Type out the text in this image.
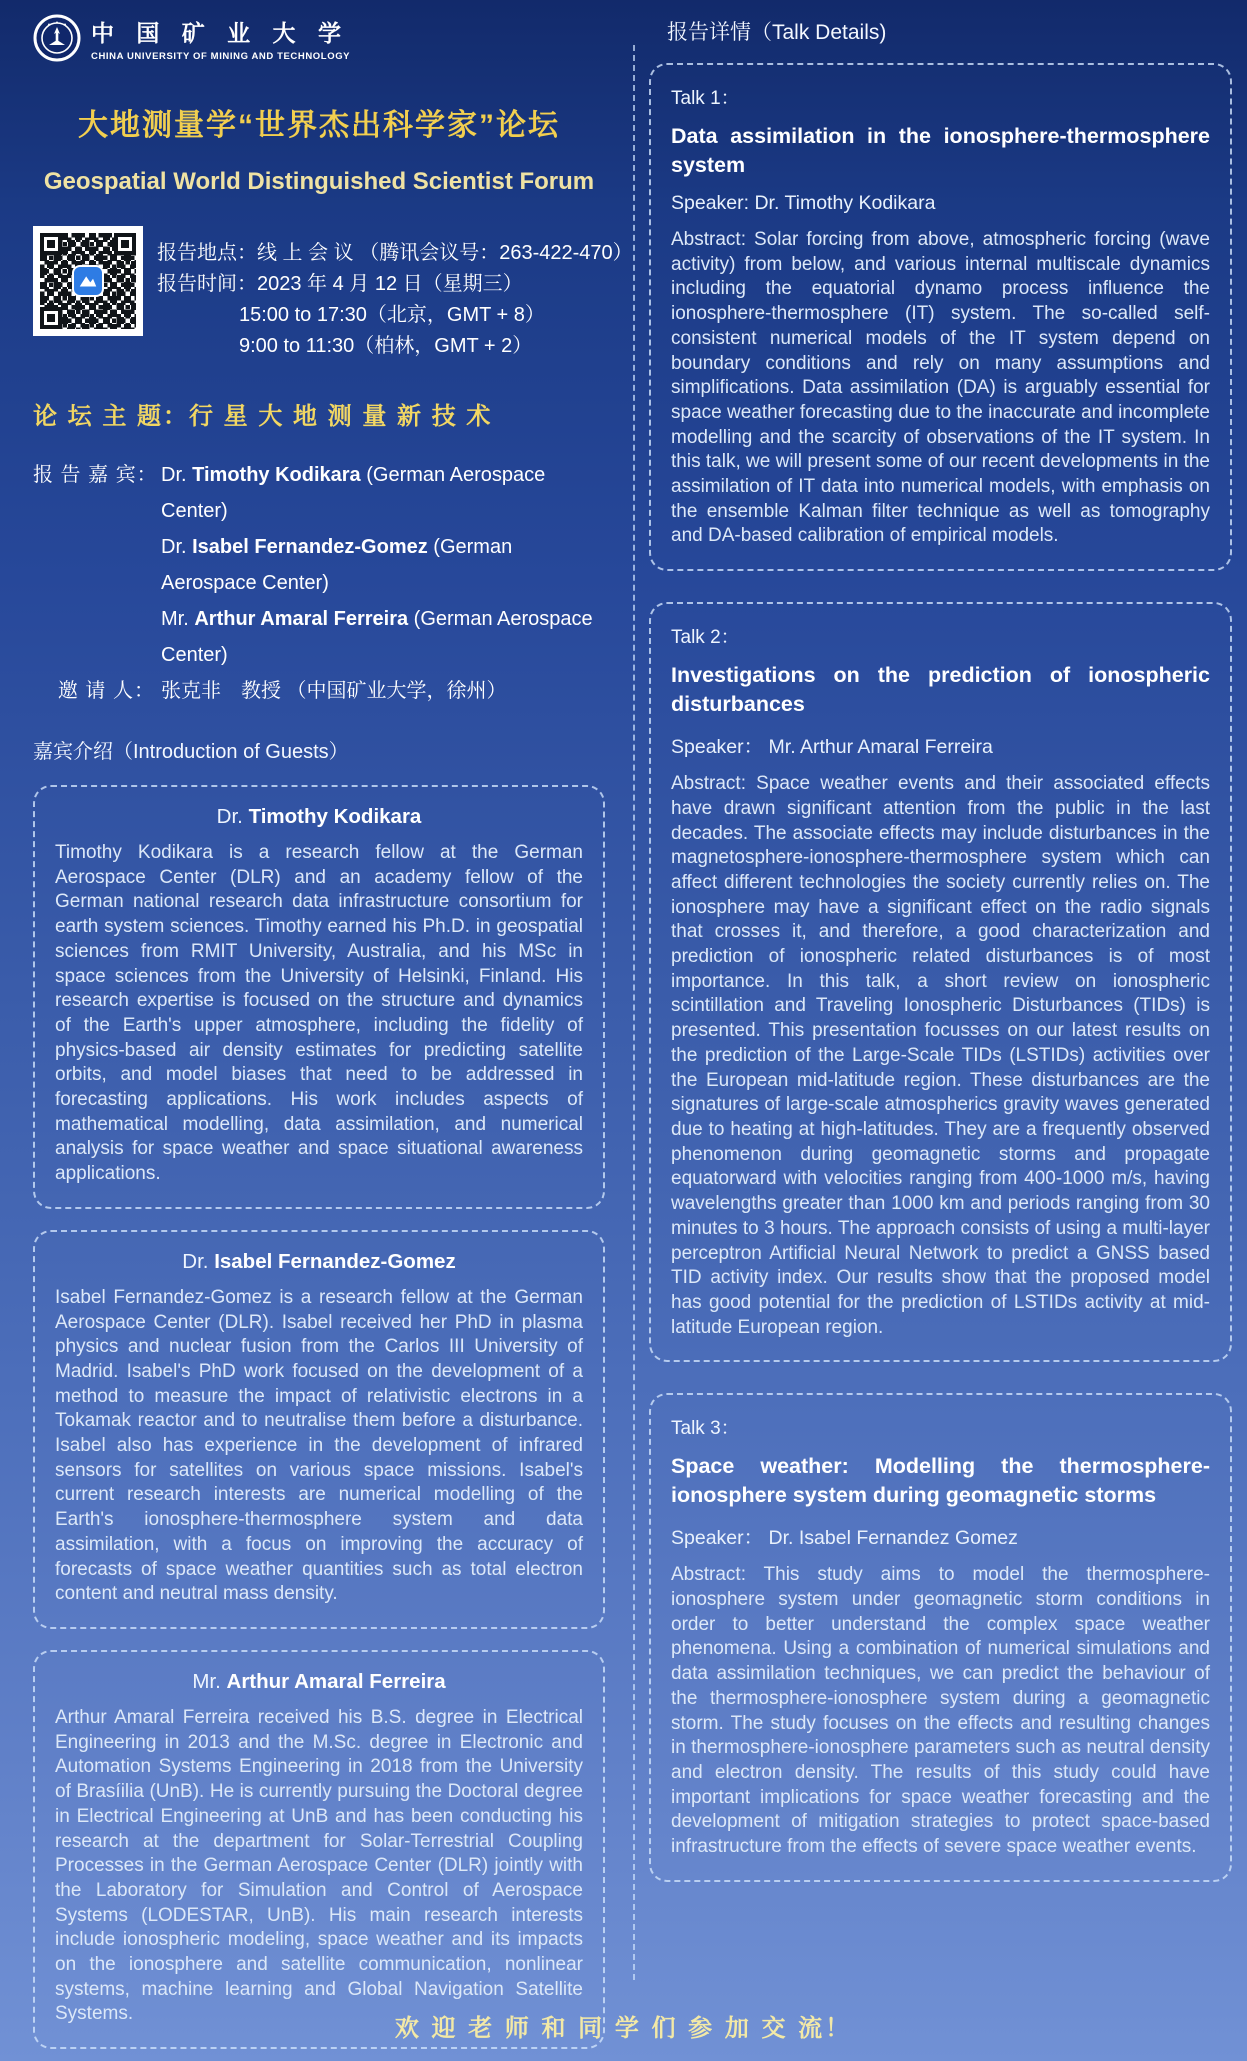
中 国 矿 业 大 学
CHINA UNIVERSITY OF MINING AND TECHNOLOGY
大地测量学“世界杰出科学家”论坛
Geospatial World Distinguished Scientist Forum
报告地点：线 上 会 议 （腾讯会议号：263-422-470）
报告时间：2023 年 4 月 12 日（星期三）
15:00 to 17:30（北京，GMT + 8）
9:00 to 11:30（柏林，GMT + 2）
论 坛 主 题：行 星 大 地 测 量 新 技 术
报 告 嘉 宾： Dr. Timothy Kodikara (German Aerospace Center)
Dr. Isabel Fernandez-Gomez (German Aerospace Center)
Mr. Arthur Amaral Ferreira (German Aerospace Center)
邀 请 人： 张克非　教授 （中国矿业大学，徐州）
嘉宾介绍（Introduction of Guests）
Dr. Timothy Kodikara

Timothy Kodikara is a research fellow at the German Aerospace Center (DLR) and an academy fellow of the German national research data infrastructure consortium for earth system sciences. Timothy earned his Ph.D. in geospatial sciences from RMIT University, Australia, and his MSc in space sciences from the University of Helsinki, Finland. His research expertise is focused on the structure and dynamics of the Earth's upper atmosphere, including the fidelity of physics-based air density estimates for predicting satellite orbits, and model biases that need to be addressed in forecasting applications. His work includes aspects of mathematical modelling, data assimilation, and numerical analysis for space weather and space situational awareness applications.

Dr. Isabel Fernandez-Gomez

Isabel Fernandez-Gomez is a research fellow at the German Aerospace Center (DLR). Isabel received her PhD in plasma physics and nuclear fusion from the Carlos III University of Madrid. Isabel's PhD work focused on the development of a method to measure the impact of relativistic electrons in a Tokamak reactor and to neutralise them before a disturbance. Isabel also has experience in the development of infrared sensors for satellites on various space missions. Isabel's current research interests are numerical modelling of the Earth's ionosphere-thermosphere system and data assimilation, with a focus on improving the accuracy of forecasts of space weather quantities such as total electron content and neutral mass density.

Mr. Arthur Amaral Ferreira

Arthur Amaral Ferreira received his B.S. degree in Electrical Engineering in 2013 and the M.Sc. degree in Electronic and Automation Systems Engineering in 2018 from the University of Brasíilia (UnB). He is currently pursuing the Doctoral degree in Electrical Engineering at UnB and has been conducting his research at the department for Solar-Terrestrial Coupling Processes in the German Aerospace Center (DLR) jointly with the Laboratory for Simulation and Control of Aerospace Systems (LODESTAR, UnB). His main research interests include ionospheric modeling, space weather and its impacts on the ionosphere and satellite communication, nonlinear systems, machine learning and Global Navigation Satellite Systems.

报告详情（Talk Details)
Talk 1：
Data assimilation in the ionosphere-thermosphere system
Speaker: Dr. Timothy Kodikara

Abstract: Solar forcing from above, atmospheric forcing (wave activity) from below, and various internal multiscale dynamics including the equatorial dynamo process influence the ionosphere-thermosphere (IT) system. The so-called self-consistent numerical models of the IT system depend on boundary conditions and rely on many assumptions and simplifications. Data assimilation (DA) is arguably essential for space weather forecasting due to the inaccurate and incomplete modelling and the scarcity of observations of the IT system. In this talk, we will present some of our recent developments in the assimilation of IT data into numerical models, with emphasis on the ensemble Kalman filter technique as well as tomography and DA-based calibration of empirical models.

Talk 2：
Investigations on the prediction of ionospheric disturbances
Speaker： Mr. Arthur Amaral Ferreira

Abstract: Space weather events and their associated effects have drawn significant attention from the public in the last decades. The associate effects may include disturbances in the magnetosphere-ionosphere-thermosphere system which can affect different technologies the society currently relies on. The ionosphere may have a significant effect on the radio signals that crosses it, and therefore, a good characterization and prediction of ionospheric related disturbances is of most importance. In this talk, a short review on ionospheric scintillation and Traveling Ionospheric Disturbances (TIDs) is presented. This presentation focusses on our latest results on the prediction of the Large-Scale TIDs (LSTIDs) activities over the European mid-latitude region. These disturbances are the signatures of large-scale atmospherics gravity waves generated due to heating at high-latitudes. They are a frequently observed phenomenon during geomagnetic storms and propagate equatorward with velocities ranging from 400-1000 m/s, having wavelengths greater than 1000 km and periods ranging from 30 minutes to 3 hours. The approach consists of using a multi-layer perceptron Artificial Neural Network to predict a GNSS based TID activity index. Our results show that the proposed model has good potential for the prediction of LSTIDs activity at mid-latitude European region.

Talk 3：
Space weather: Modelling the thermosphere-ionosphere system during geomagnetic storms
Speaker： Dr. Isabel Fernandez Gomez

Abstract: This study aims to model the thermosphere-ionosphere system under geomagnetic storm conditions in order to better understand the complex space weather phenomena. Using a combination of numerical simulations and data assimilation techniques, we can predict the behaviour of the thermosphere-ionosphere system during a geomagnetic storm. The study focuses on the effects and resulting changes in thermosphere-ionosphere parameters such as neutral density and electron density. The results of this study could have important implications for space weather forecasting and the development of mitigation strategies to protect space-based infrastructure from the effects of severe space weather events.

欢 迎 老 师 和 同 学 们 参 加 交 流！
